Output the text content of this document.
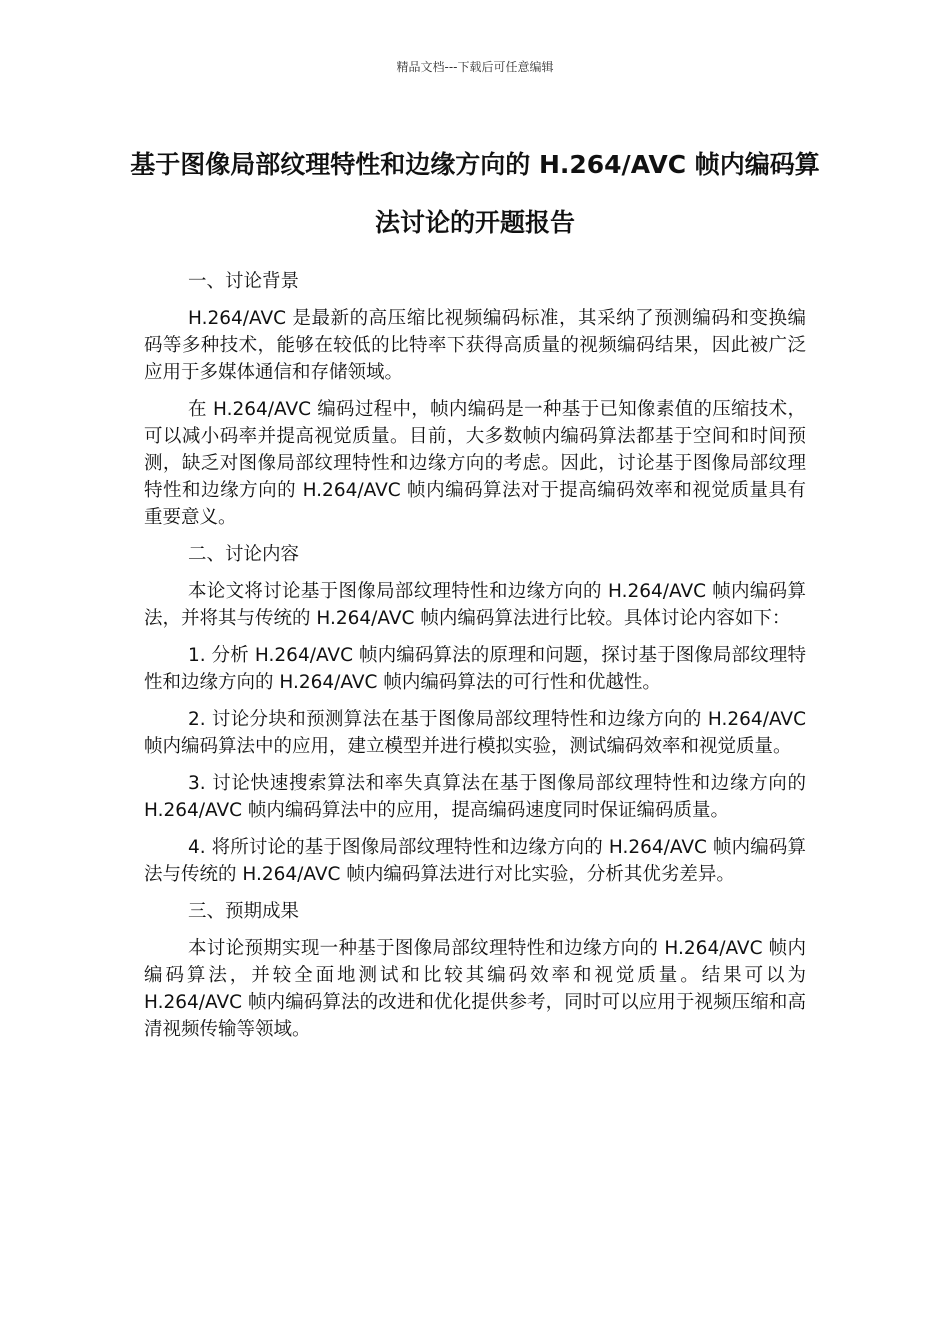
精品文档---下载后可任意编辑
基于图像局部纹理特性和边缘方向的 H.264/AVC 帧内编码算法讨论的开题报告

一、讨论背景

H.264/AVC 是最新的高压缩比视频编码标准，其采纳了预测编码和变换编码等多种技术，能够在较低的比特率下获得高质量的视频编码结果，因此被广泛应用于多媒体通信和存储领域。

在 H.264/AVC 编码过程中，帧内编码是一种基于已知像素值的压缩技术，可以减小码率并提高视觉质量。目前，大多数帧内编码算法都基于空间和时间预测，缺乏对图像局部纹理特性和边缘方向的考虑。因此，讨论基于图像局部纹理特性和边缘方向的 H.264/AVC 帧内编码算法对于提高编码效率和视觉质量具有重要意义。

二、讨论内容

本论文将讨论基于图像局部纹理特性和边缘方向的 H.264/AVC 帧内编码算法，并将其与传统的 H.264/AVC 帧内编码算法进行比较。具体讨论内容如下：

1. 分析 H.264/AVC 帧内编码算法的原理和问题，探讨基于图像局部纹理特性和边缘方向的 H.264/AVC 帧内编码算法的可行性和优越性。

2. 讨论分块和预测算法在基于图像局部纹理特性和边缘方向的 H.264/AVC 帧内编码算法中的应用，建立模型并进行模拟实验，测试编码效率和视觉质量。

3. 讨论快速搜索算法和率失真算法在基于图像局部纹理特性和边缘方向的 H.264/AVC 帧内编码算法中的应用，提高编码速度同时保证编码质量。

4. 将所讨论的基于图像局部纹理特性和边缘方向的 H.264/AVC 帧内编码算法与传统的 H.264/AVC 帧内编码算法进行对比实验，分析其优劣差异。

三、预期成果

本讨论预期实现一种基于图像局部纹理特性和边缘方向的 H.264/AVC 帧内编码算法，并较全面地测试和比较其编码效率和视觉质量。结果可以为 H.264/AVC 帧内编码算法的改进和优化提供参考，同时可以应用于视频压缩和高清视频传输等领域。
